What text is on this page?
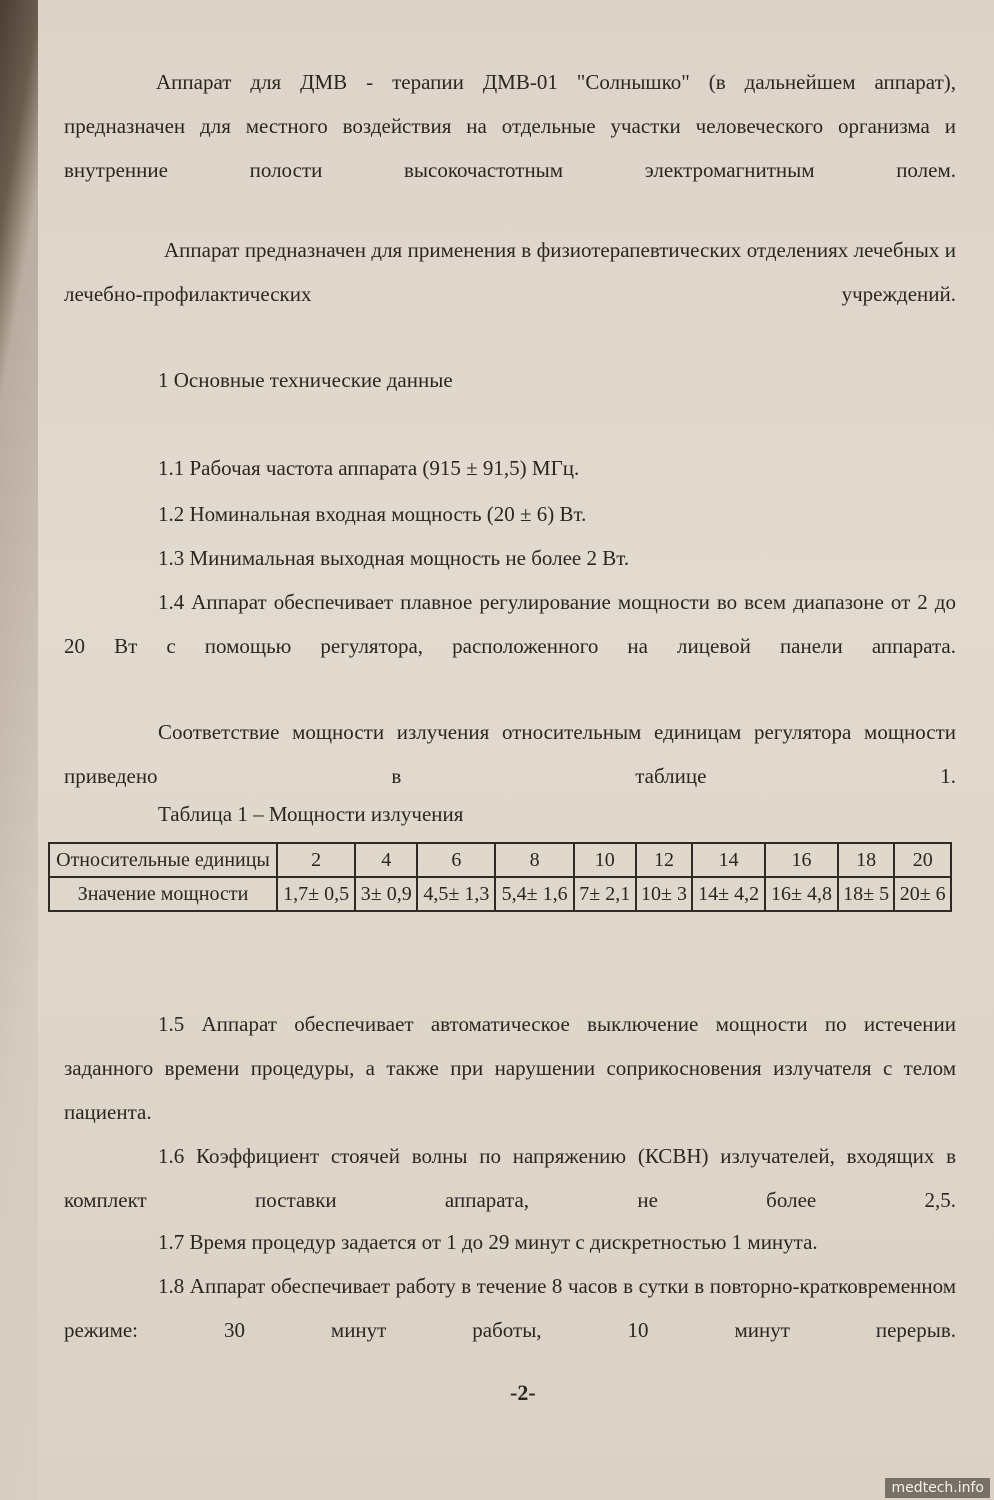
Аппарат для ДМВ - терапии ДМВ-01 "Солнышко" (в дальнейшем аппарат), предназначен для местного воздействия на отдельные участки человеческого организма и внутренние полости высокочастотным электромагнитным полем.

Аппарат предназначен для применения в физиотерапевтических отделениях лечебных и лечебно-профилактических учреждений.

1 Основные технические данные

1.1 Рабочая частота аппарата (915 ± 91,5) МГц.

1.2 Номинальная входная мощность (20 ± 6) Вт.

1.3 Минимальная выходная мощность не более 2 Вт.

1.4 Аппарат обеспечивает плавное регулирование мощности во всем диапазоне от 2 до 20 Вт с помощью регулятора, расположенного на лицевой панели аппарата.

Соответствие мощности излучения относительным единицам регулятора мощности приведено в таблице 1.

Таблица 1 – Мощности излучения

Относительные единицы	2	4	6	8	10	12	14	16	18	20
Значение мощности	1,7± 0,5	3± 0,9	4,5± 1,3	5,4± 1,6	7± 2,1	10± 3	14± 4,2	16± 4,8	18± 5	20± 6

1.5 Аппарат обеспечивает автоматическое выключение мощности по истечении заданного времени процедуры, а также при нарушении соприкосновения излучателя с телом пациента.

1.6 Коэффициент стоячей волны по напряжению (КСВН) излучателей, входящих в комплект поставки аппарата, не более 2,5.

1.7 Время процедур задается от 1 до 29 минут с дискретностью 1 минута.

1.8 Аппарат обеспечивает работу в течение 8 часов в сутки в повторно-кратковременном режиме: 30 минут работы, 10 минут перерыв.

-2-
medtech.info
